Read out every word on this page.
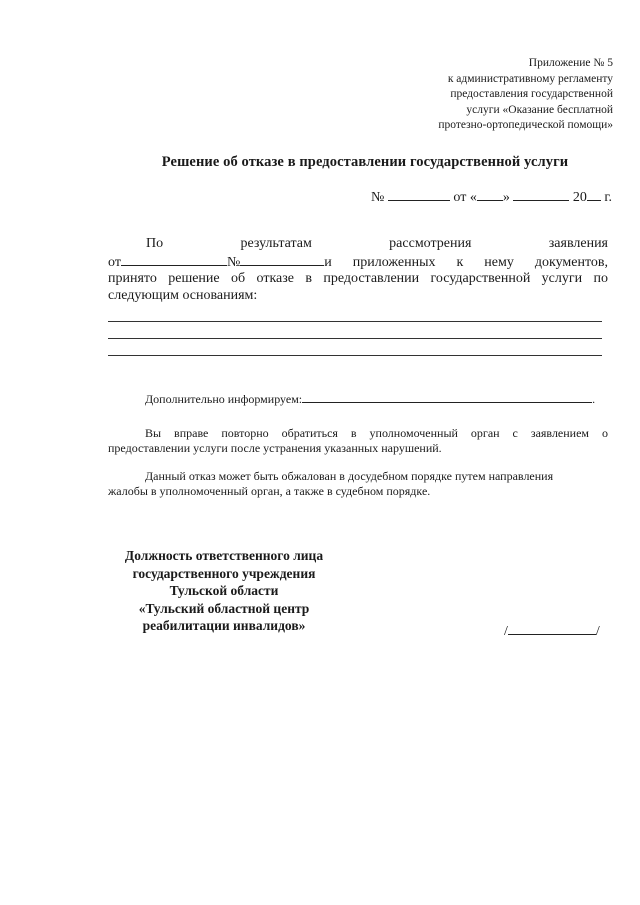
Приложение № 5
к административному регламенту
предоставления государственной
услуги «Оказание бесплатной
протезно-ортопедической помощи»
Решение об отказе в предоставлении государственной услуги
№	от « »	20 г.
По	результатам	рассмотрения	заявления
от	№	и приложенных к нему документов,
принято решение об отказе в предоставлении государственной услуги по
следующим основаниям:
Дополнительно информируем:	.
Вы вправе повторно обратиться в уполномоченный орган с заявлением о
предоставлении услуги после устранения указанных нарушений.
Данный отказ может быть обжалован в досудебном порядке путем направления
жалобы в уполномоченный орган, а также в судебном порядке.
Должность ответственного лица
государственного учреждения
Тульской области
«Тульский областной центр
реабилитации инвалидов»	/	/
